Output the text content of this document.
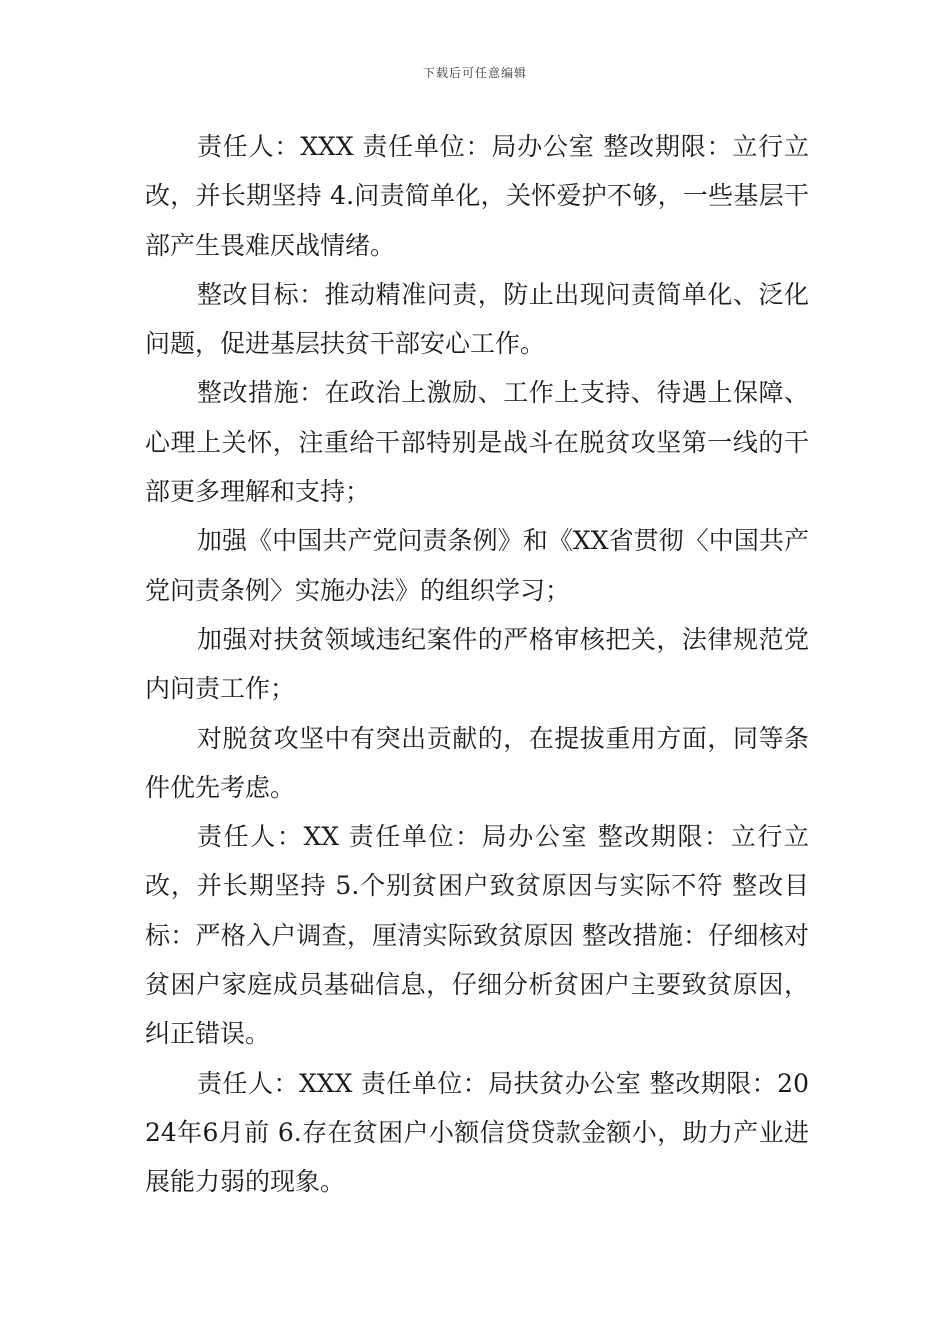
下载后可任意编辑

责任人：XXX 责任单位：局办公室 整改期限：立行立改，并长期坚持 4.问责简单化，关怀爱护不够，一些基层干部产生畏难厌战情绪。

整改目标：推动精准问责，防止出现问责简单化、泛化问题，促进基层扶贫干部安心工作。

整改措施：在政治上激励、工作上支持、待遇上保障、心理上关怀，注重给干部特别是战斗在脱贫攻坚第一线的干部更多理解和支持；

加强《中国共产党问责条例》和《XX省贯彻〈中国共产党问责条例〉实施办法》的组织学习；

加强对扶贫领域违纪案件的严格审核把关，法律规范党内问责工作；

对脱贫攻坚中有突出贡献的，在提拔重用方面，同等条件优先考虑。

责任人：XX 责任单位：局办公室 整改期限：立行立改，并长期坚持 5.个别贫困户致贫原因与实际不符 整改目标：严格入户调查，厘清实际致贫原因 整改措施：仔细核对贫困户家庭成员基础信息，仔细分析贫困户主要致贫原因，纠正错误。

责任人：XXX 责任单位：局扶贫办公室 整改期限：2024年6月前 6.存在贫困户小额信贷贷款金额小，助力产业进展能力弱的现象。
